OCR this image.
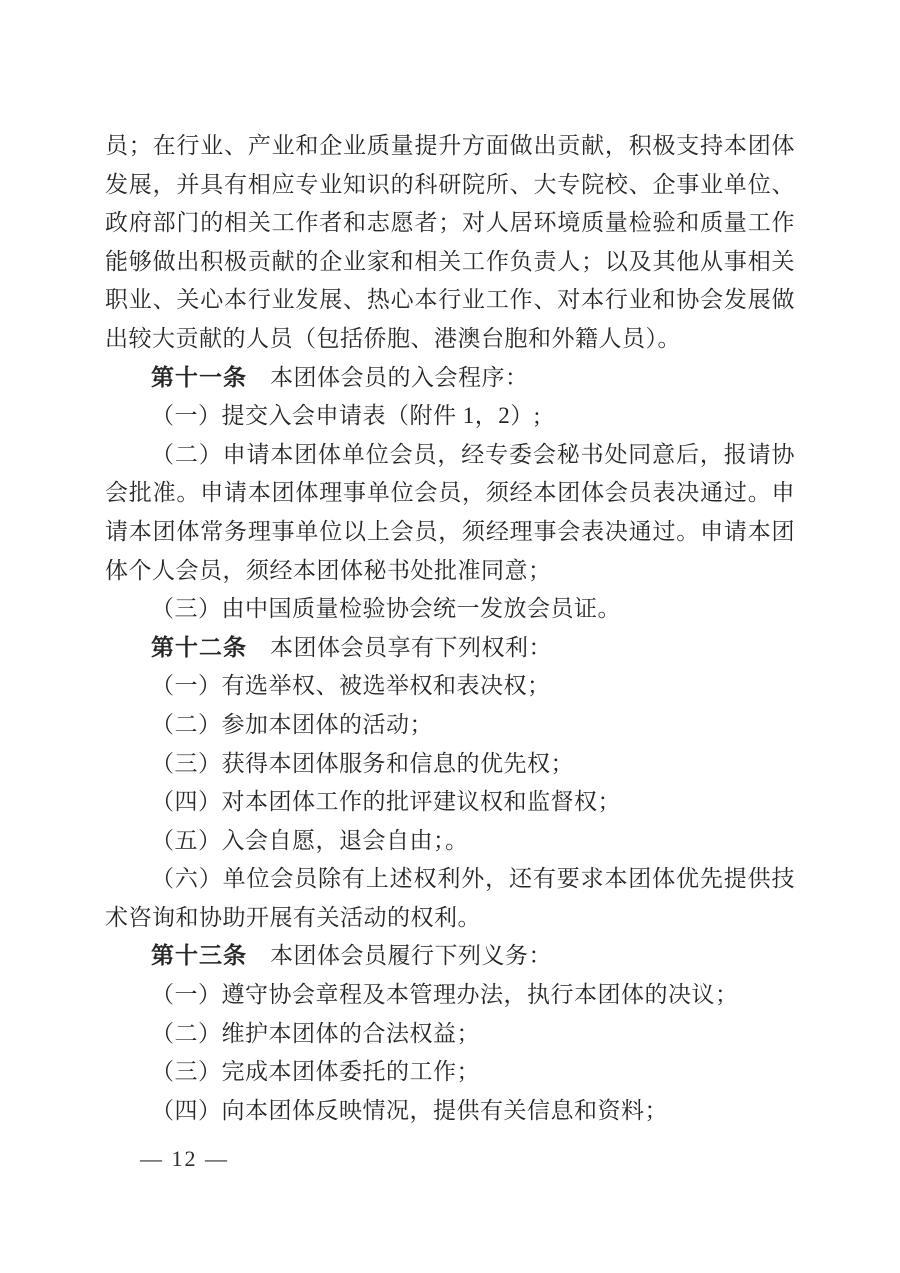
员；在行业、产业和企业质量提升方面做出贡献，积极支持本团体发展，并具有相应专业知识的科研院所、大专院校、企事业单位、政府部门的相关工作者和志愿者；对人居环境质量检验和质量工作能够做出积极贡献的企业家和相关工作负责人；以及其他从事相关职业、关心本行业发展、热心本行业工作、对本行业和协会发展做出较大贡献的人员（包括侨胞、港澳台胞和外籍人员）。

第十一条 本团体会员的入会程序：

（一）提交入会申请表（附件 1，2）;

（二）申请本团体单位会员，经专委会秘书处同意后，报请协会批准。申请本团体理事单位会员，须经本团体会员表决通过。申请本团体常务理事单位以上会员，须经理事会表决通过。申请本团体个人会员，须经本团体秘书处批准同意；

（三）由中国质量检验协会统一发放会员证。

第十二条 本团体会员享有下列权利：

（一）有选举权、被选举权和表决权；

（二）参加本团体的活动；

（三）获得本团体服务和信息的优先权；

（四）对本团体工作的批评建议权和监督权；

（五）入会自愿，退会自由；。

（六）单位会员除有上述权利外，还有要求本团体优先提供技术咨询和协助开展有关活动的权利。

第十三条 本团体会员履行下列义务：

（一）遵守协会章程及本管理办法，执行本团体的决议；

（二）维护本团体的合法权益；

（三）完成本团体委托的工作；

（四）向本团体反映情况，提供有关信息和资料；

— 12 —
